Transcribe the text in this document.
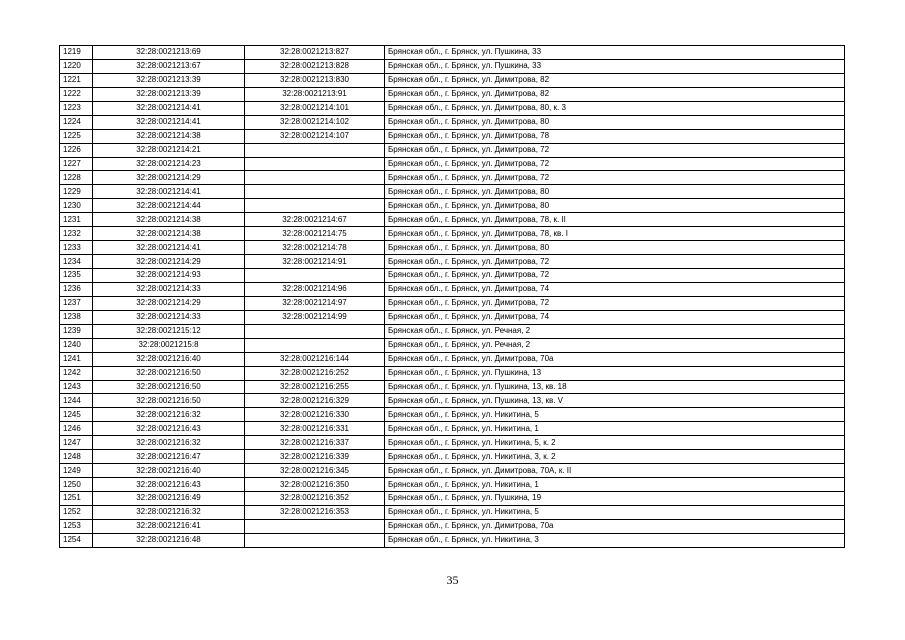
1219	32:28:0021213:69	32:28:0021213:827	Брянская обл., г. Брянск, ул. Пушкина, 33
1220	32:28:0021213:67	32:28:0021213:828	Брянская обл., г. Брянск, ул. Пушкина, 33
1221	32:28:0021213:39	32:28:0021213:830	Брянская обл., г. Брянск, ул. Димитрова, 82
1222	32:28:0021213:39	32:28:0021213:91	Брянская обл., г. Брянск, ул. Димитрова, 82
1223	32:28:0021214:41	32:28:0021214:101	Брянская обл., г. Брянск, ул. Димитрова, 80, к. 3
1224	32:28:0021214:41	32:28:0021214:102	Брянская обл., г. Брянск, ул. Димитрова, 80
1225	32:28:0021214:38	32:28:0021214:107	Брянская обл., г. Брянск, ул. Димитрова, 78
1226	32:28:0021214:21		Брянская обл., г. Брянск, ул. Димитрова, 72
1227	32:28:0021214:23		Брянская обл., г. Брянск, ул. Димитрова, 72
1228	32:28:0021214:29		Брянская обл., г. Брянск, ул. Димитрова, 72
1229	32:28:0021214:41		Брянская обл., г. Брянск, ул. Димитрова, 80
1230	32:28:0021214:44		Брянская обл., г. Брянск, ул. Димитрова, 80
1231	32:28:0021214:38	32:28:0021214:67	Брянская обл., г. Брянск, ул. Димитрова, 78, к. II
1232	32:28:0021214:38	32:28:0021214:75	Брянская обл., г. Брянск, ул. Димитрова, 78, кв. I
1233	32:28:0021214:41	32:28:0021214:78	Брянская обл., г. Брянск, ул. Димитрова, 80
1234	32:28:0021214:29	32:28:0021214:91	Брянская обл., г. Брянск, ул. Димитрова, 72
1235	32:28:0021214:93		Брянская обл., г. Брянск, ул. Димитрова, 72
1236	32:28:0021214:33	32:28:0021214:96	Брянская обл., г. Брянск, ул. Димитрова, 74
1237	32:28:0021214:29	32:28:0021214:97	Брянская обл., г. Брянск, ул. Димитрова, 72
1238	32:28:0021214:33	32:28:0021214:99	Брянская обл., г. Брянск, ул. Димитрова, 74
1239	32:28:0021215:12		Брянская обл., г. Брянск, ул. Речная, 2
1240	32:28:0021215:8		Брянская обл., г. Брянск, ул. Речная, 2
1241	32:28:0021216:40	32:28:0021216:144	Брянская обл., г. Брянск, ул. Димитрова, 70а
1242	32:28:0021216:50	32:28:0021216:252	Брянская обл., г. Брянск, ул. Пушкина, 13
1243	32:28:0021216:50	32:28:0021216:255	Брянская обл., г. Брянск, ул. Пушкина, 13, кв. 18
1244	32:28:0021216:50	32:28:0021216:329	Брянская обл., г. Брянск, ул. Пушкина, 13, кв. V
1245	32:28:0021216:32	32:28:0021216:330	Брянская обл., г. Брянск, ул. Никитина, 5
1246	32:28:0021216:43	32:28:0021216:331	Брянская обл., г. Брянск, ул. Никитина, 1
1247	32:28:0021216:32	32:28:0021216:337	Брянская обл., г. Брянск, ул. Никитина, 5, к. 2
1248	32:28:0021216:47	32:28:0021216:339	Брянская обл., г. Брянск, ул. Никитина, 3, к. 2
1249	32:28:0021216:40	32:28:0021216:345	Брянская обл., г. Брянск, ул. Димитрова, 70А, к. II
1250	32:28:0021216:43	32:28:0021216:350	Брянская обл., г. Брянск, ул. Никитина, 1
1251	32:28:0021216:49	32:28:0021216:352	Брянская обл., г. Брянск, ул. Пушкина, 19
1252	32:28:0021216:32	32:28:0021216:353	Брянская обл., г. Брянск, ул. Никитина, 5
1253	32:28:0021216:41		Брянская обл., г. Брянск, ул. Димитрова, 70а
1254	32:28:0021216:48		Брянская обл., г. Брянск, ул. Никитина, 3
35
